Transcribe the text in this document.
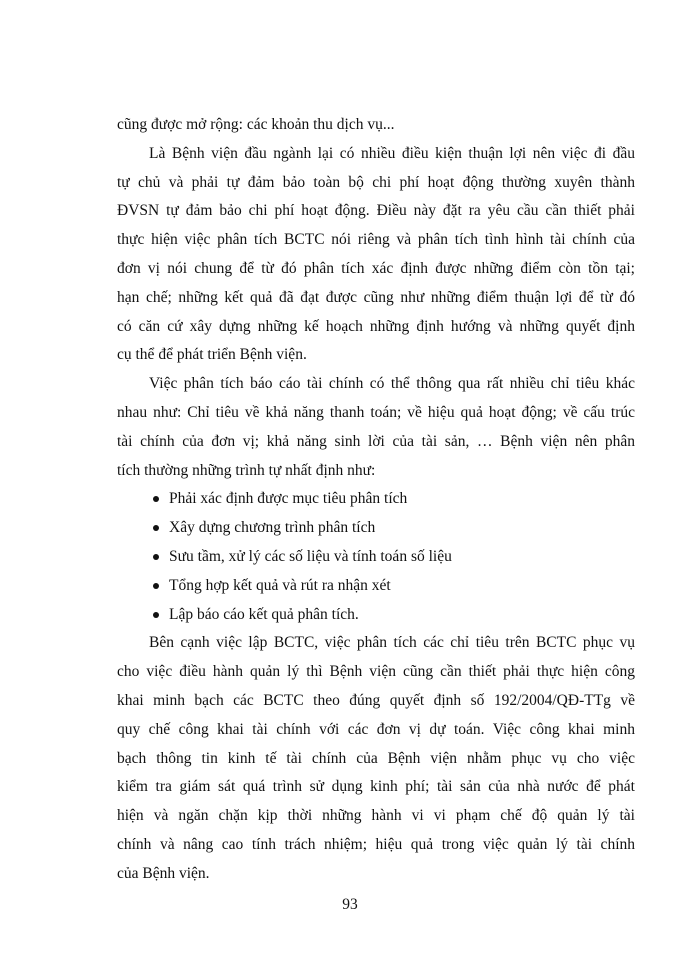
cũng được mở rộng: các khoản thu dịch vụ...
Là Bệnh viện đầu ngành lại có nhiều điều kiện thuận lợi nên việc đi đầu
tự chủ và phải tự đảm bảo toàn bộ chi phí hoạt động thường xuyên thành
ĐVSN tự đảm bảo chi phí hoạt động. Điều này đặt ra yêu cầu cần thiết phải
thực hiện việc phân tích BCTC nói riêng và phân tích tình hình tài chính của
đơn vị nói chung để từ đó phân tích xác định được những điểm còn tồn tại;
hạn chế; những kết quả đã đạt được cũng như những điểm thuận lợi để từ đó
có căn cứ xây dựng những kế hoạch những định hướng và những quyết định
cụ thể để phát triển Bệnh viện.
Việc phân tích báo cáo tài chính có thể thông qua rất nhiều chỉ tiêu khác
nhau như: Chỉ tiêu về khả năng thanh toán; về hiệu quả hoạt động; về cấu trúc
tài chính của đơn vị; khả năng sinh lời của tài sản, … Bệnh viện nên phân
tích thường những trình tự nhất định như:
Phải xác định được mục tiêu phân tích
Xây dựng chương trình phân tích
Sưu tầm, xử lý các số liệu và tính toán số liệu
Tổng hợp kết quả và rút ra nhận xét
Lập báo cáo kết quả phân tích.
Bên cạnh việc lập BCTC, việc phân tích các chỉ tiêu trên BCTC phục vụ
cho việc điều hành quản lý thì Bệnh viện cũng cần thiết phải thực hiện công
khai minh bạch các BCTC theo đúng quyết định số 192/2004/QĐ-TTg về
quy chế công khai tài chính với các đơn vị dự toán. Việc công khai minh
bạch thông tin kinh tế tài chính của Bệnh viện nhằm phục vụ cho việc
kiểm tra giám sát quá trình sử dụng kinh phí; tài sản của nhà nước để phát
hiện và ngăn chặn kịp thời những hành vi vi phạm chế độ quản lý tài
chính và nâng cao tính trách nhiệm; hiệu quả trong việc quản lý tài chính
của Bệnh viện.
93
